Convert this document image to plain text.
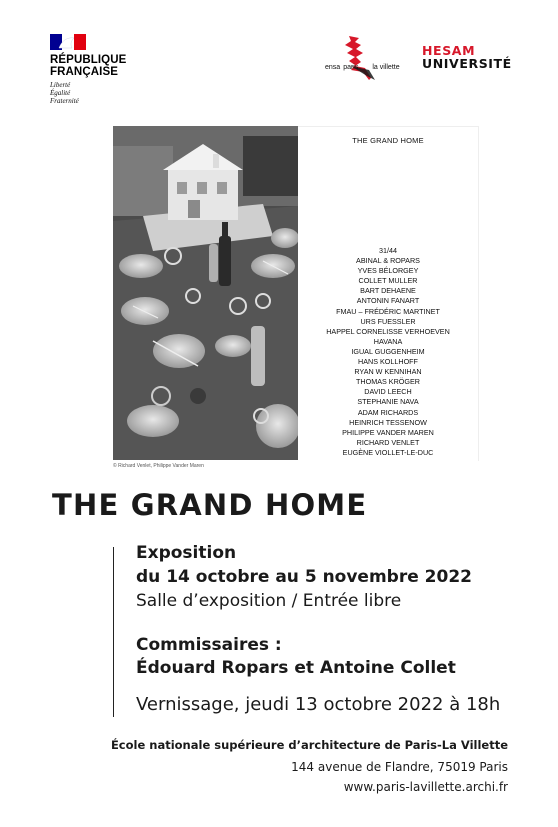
RÉPUBLIQUE
FRANÇAISE
Liberté
Égalité
Fraternité
ensa paris la villette
HESAM
UNIVERSITÉ
THE GRAND HOME
31/44
ABINAL & ROPARS
YVES BÉLORGEY
COLLET MULLER
BART DEHAENE
ANTONIN FANART
FMAU – FRÉDÉRIC MARTINET
URS FUESSLER
HAPPEL CORNELISSE VERHOEVEN
HAVANA
IGUAL GUGGENHEIM
HANS KOLLHOFF
RYAN W KENNIHAN
THOMAS KRÖGER
DAVID LEECH
STEPHANIE NAVA
ADAM RICHARDS
HEINRICH TESSENOW
PHILIPPE VANDER MAREN
RICHARD VENLET
EUGÈNE VIOLLET-LE-DUC
© Richard Venlet, Philippe Vander Maren
THE GRAND HOME
Exposition
du 14 octobre au 5 novembre 2022
Salle d’exposition / Entrée libre
Commissaires :
Édouard Ropars et Antoine Collet
Vernissage, jeudi 13 octobre 2022 à 18h
École nationale supérieure d’architecture de Paris-La Villette
144 avenue de Flandre, 75019 Paris
www.paris-lavillette.archi.fr
